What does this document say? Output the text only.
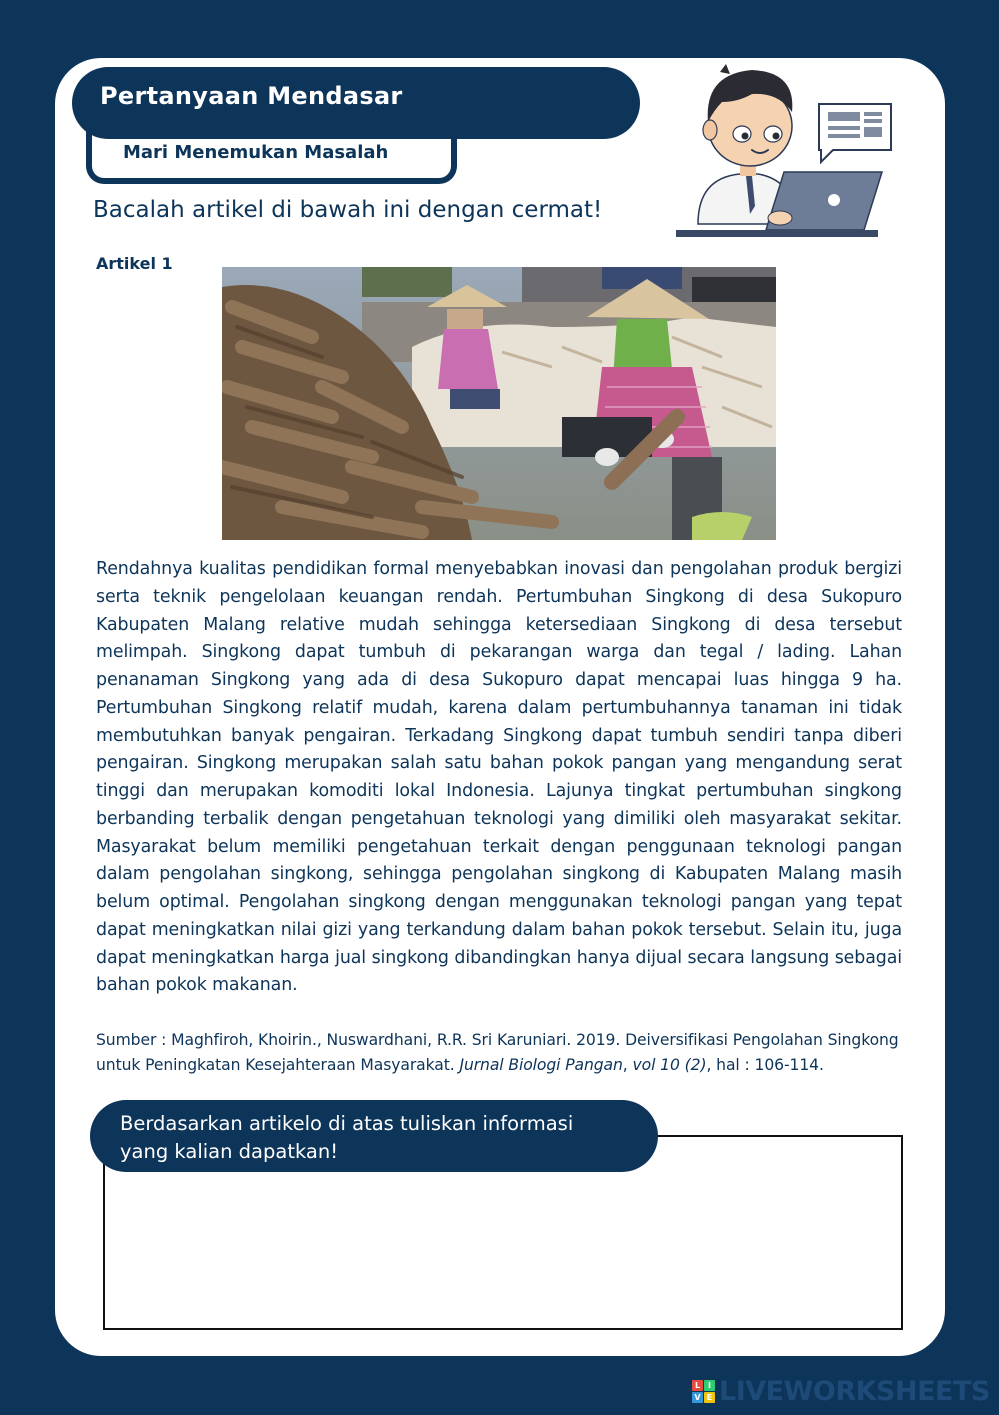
Pertanyaan Mendasar
Mari Menemukan Masalah
Bacalah artikel di bawah ini dengan cermat!
Artikel 1
Rendahnya kualitas pendidikan formal menyebabkan inovasi dan pengolahan produk bergizi serta teknik pengelolaan keuangan rendah. Pertumbuhan Singkong di desa Sukopuro Kabupaten Malang relative mudah sehingga ketersediaan Singkong di desa tersebut melimpah. Singkong dapat tumbuh di pekarangan warga dan tegal / lading. Lahan penanaman Singkong yang ada di desa Sukopuro dapat mencapai luas hingga 9 ha. Pertumbuhan Singkong relatif mudah, karena dalam pertumbuhannya tanaman ini tidak membutuhkan banyak pengairan. Terkadang Singkong dapat tumbuh sendiri tanpa diberi pengairan. Singkong merupakan salah satu bahan pokok pangan yang mengandung serat tinggi dan merupakan komoditi lokal Indonesia. Lajunya tingkat pertumbuhan singkong berbanding terbalik dengan pengetahuan teknologi yang dimiliki oleh masyarakat sekitar. Masyarakat belum memiliki pengetahuan terkait dengan penggunaan teknologi pangan dalam pengolahan singkong, sehingga pengolahan singkong di Kabupaten Malang masih belum optimal. Pengolahan singkong dengan menggunakan teknologi pangan yang tepat dapat meningkatkan nilai gizi yang terkandung dalam bahan pokok tersebut. Selain itu, juga dapat meningkatkan harga jual singkong dibandingkan hanya dijual secara langsung sebagai bahan pokok makanan.
Sumber : Maghfiroh, Khoirin., Nuswardhani, R.R. Sri Karuniari. 2019. Deiversifikasi Pengolahan Singkong untuk Peningkatan Kesejahteraan Masyarakat. Jurnal Biologi Pangan, vol 10 (2), hal : 106-114.
Berdasarkan artikelo di atas tuliskan informasi yang kalian dapatkan!
L I
V E LIVEWORKSHEETS
